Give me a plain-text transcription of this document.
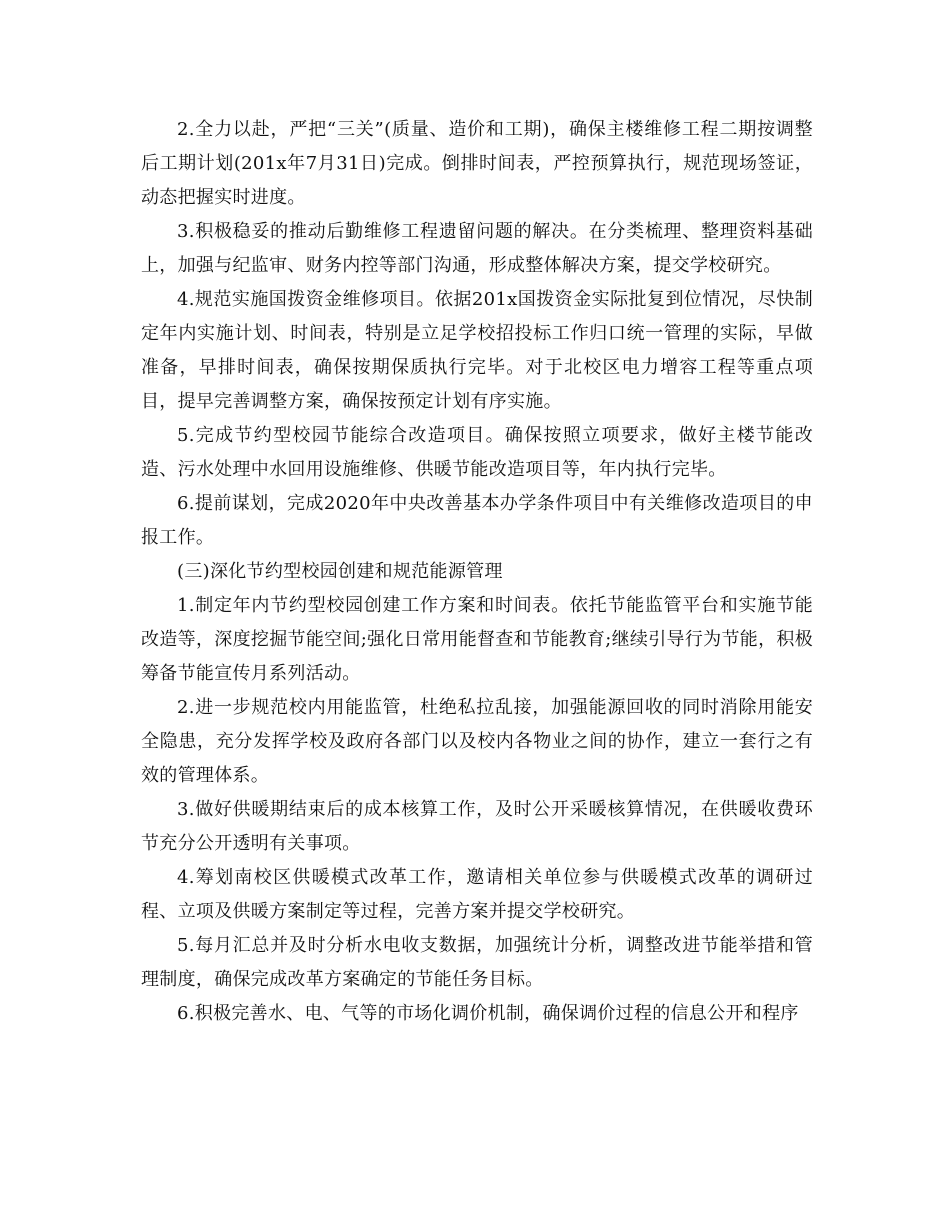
2.全力以赴，严把“三关”(质量、造价和工期)，确保主楼维修工程二期按调整后工期计划(201x年7月31日)完成。倒排时间表，严控预算执行，规范现场签证，动态把握实时进度。

3.积极稳妥的推动后勤维修工程遗留问题的解决。在分类梳理、整理资料基础上，加强与纪监审、财务内控等部门沟通，形成整体解决方案，提交学校研究。

4.规范实施国拨资金维修项目。依据201x国拨资金实际批复到位情况，尽快制定年内实施计划、时间表，特别是立足学校招投标工作归口统一管理的实际，早做准备，早排时间表，确保按期保质执行完毕。对于北校区电力增容工程等重点项目，提早完善调整方案，确保按预定计划有序实施。

5.完成节约型校园节能综合改造项目。确保按照立项要求，做好主楼节能改造、污水处理中水回用设施维修、供暖节能改造项目等，年内执行完毕。

6.提前谋划，完成2020年中央改善基本办学条件项目中有关维修改造项目的申报工作。

(三)深化节约型校园创建和规范能源管理

1.制定年内节约型校园创建工作方案和时间表。依托节能监管平台和实施节能改造等，深度挖掘节能空间;强化日常用能督查和节能教育;继续引导行为节能，积极筹备节能宣传月系列活动。

2.进一步规范校内用能监管，杜绝私拉乱接，加强能源回收的同时消除用能安全隐患，充分发挥学校及政府各部门以及校内各物业之间的协作，建立一套行之有效的管理体系。

3.做好供暖期结束后的成本核算工作，及时公开采暖核算情况，在供暖收费环节充分公开透明有关事项。

4.筹划南校区供暖模式改革工作，邀请相关单位参与供暖模式改革的调研过程、立项及供暖方案制定等过程，完善方案并提交学校研究。

5.每月汇总并及时分析水电收支数据，加强统计分析，调整改进节能举措和管理制度，确保完成改革方案确定的节能任务目标。

6.积极完善水、电、气等的市场化调价机制，确保调价过程的信息公开和程序
